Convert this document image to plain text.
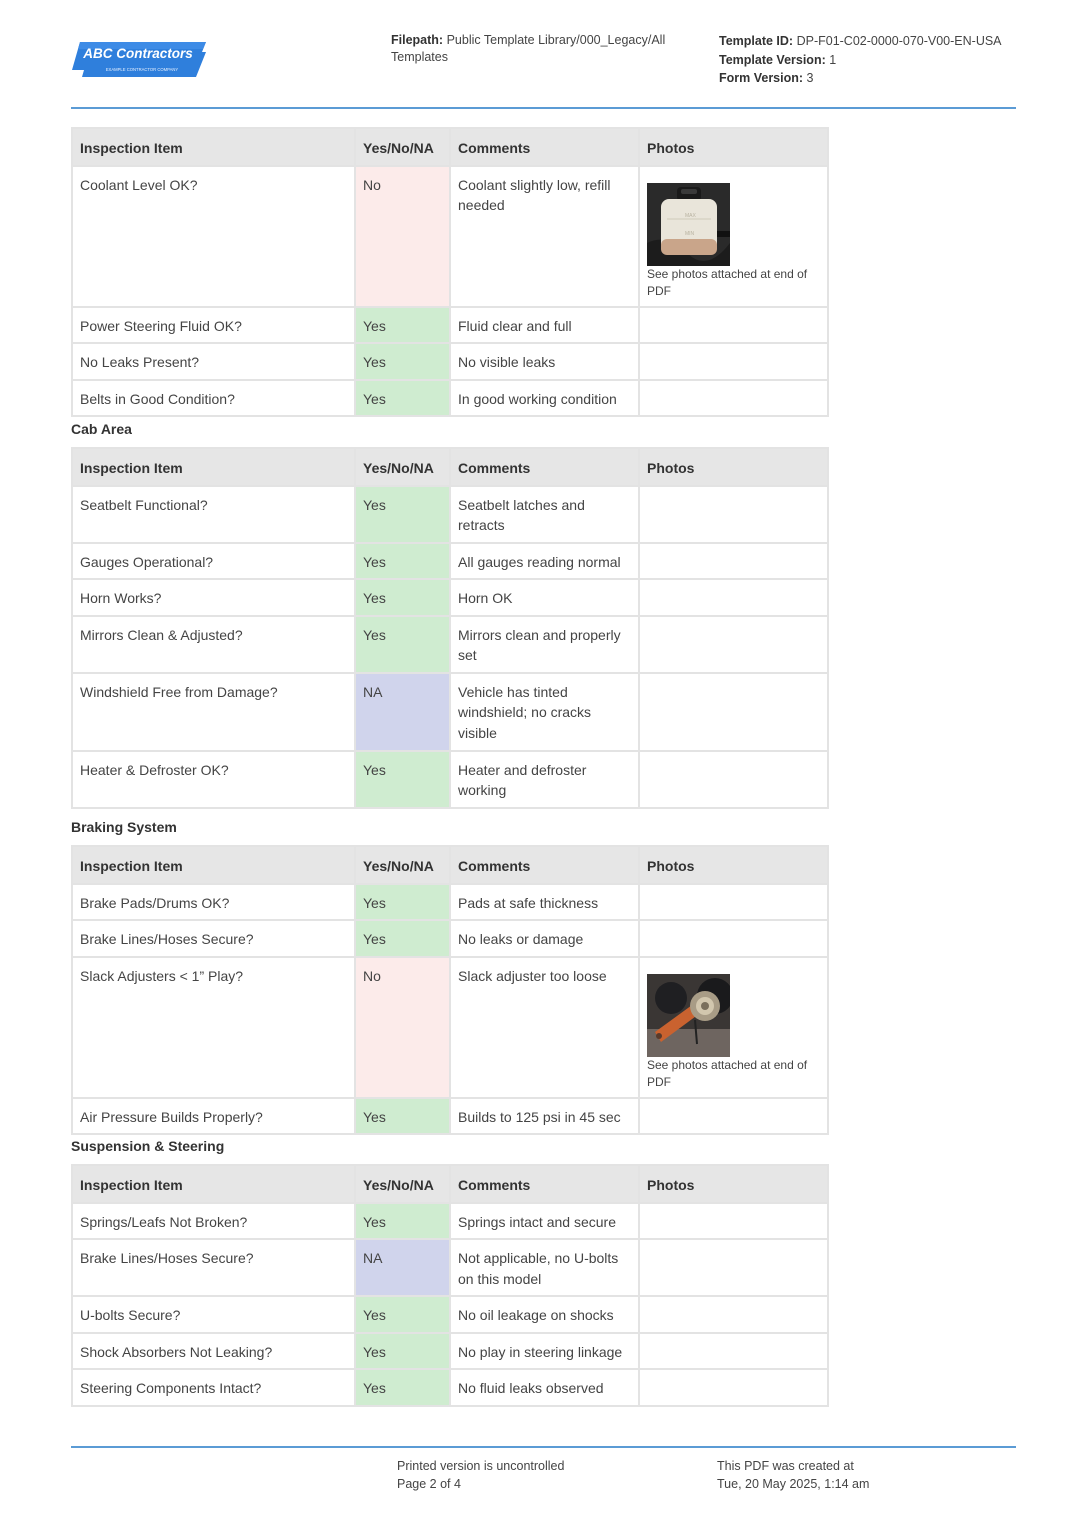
ABC Contractors
EXAMPLE CONTRACTOR COMPANY
Filepath: Public Template Library/000_Legacy/All Templates
Template ID: DP-F01-C02-0000-070-V00-EN-USA
Template Version: 1
Form Version: 3
Inspection Item	Yes/No/NA	Comments	Photos
Coolant Level OK?	No	Coolant slightly low, refill needed	MAX
MIN
See photos attached at end of PDF

Power Steering Fluid OK?	Yes	Fluid clear and full	
No Leaks Present?	Yes	No visible leaks	
Belts in Good Condition?	Yes	In good working condition	
Cab Area
Inspection Item	Yes/No/NA	Comments	Photos
Seatbelt Functional?	Yes	Seatbelt latches and retracts	
Gauges Operational?	Yes	All gauges reading normal	
Horn Works?	Yes	Horn OK	
Mirrors Clean & Adjusted?	Yes	Mirrors clean and properly set	
Windshield Free from Damage?	NA	Vehicle has tinted windshield; no cracks visible	
Heater & Defroster OK?	Yes	Heater and defroster working	
Braking System
Inspection Item	Yes/No/NA	Comments	Photos
Brake Pads/Drums OK?	Yes	Pads at safe thickness	
Brake Lines/Hoses Secure?	Yes	No leaks or damage	
Slack Adjusters < 1” Play?	No	Slack adjuster too loose	See photos attached at end of PDF

Air Pressure Builds Properly?	Yes	Builds to 125 psi in 45 sec	
Suspension & Steering
Inspection Item	Yes/No/NA	Comments	Photos
Springs/Leafs Not Broken?	Yes	Springs intact and secure	
Brake Lines/Hoses Secure?	NA	Not applicable, no U-bolts on this model	
U-bolts Secure?	Yes	No oil leakage on shocks	
Shock Absorbers Not Leaking?	Yes	No play in steering linkage	
Steering Components Intact?	Yes	No fluid leaks observed	
Printed version is uncontrolled
Page 2 of 4
This PDF was created at
Tue, 20 May 2025, 1:14 am
